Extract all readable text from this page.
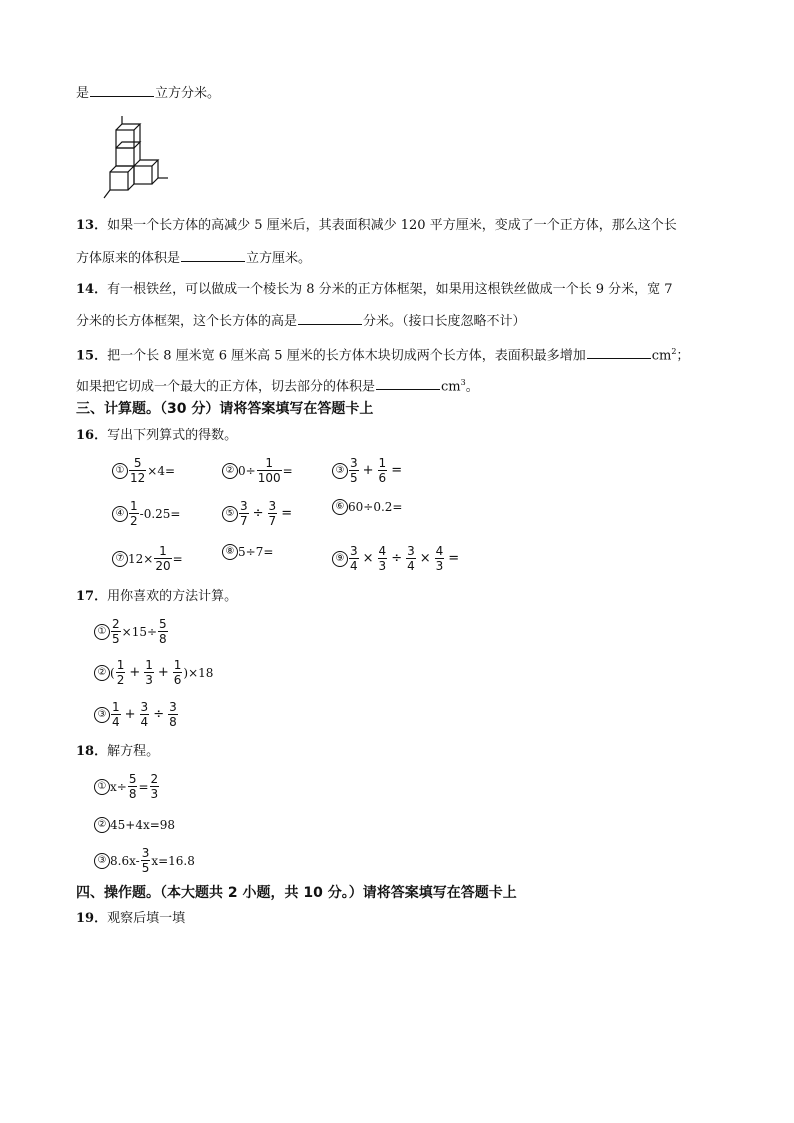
是	立方分米。
13．如果一个长方体的高减少 5 厘米后，其表面积减少 120 平方厘米，变成了一个正方体，那么这个长
方体原来的体积是	立方厘米。
14．有一根铁丝，可以做成一个棱长为 8 分米的正方体框架，如果用这根铁丝做成一个长 9 分米，宽 7
分米的长方体框架，这个长方体的高是	分米。（接口长度忽略不计）
15．把一个长 8 厘米宽 6 厘米高 5 厘米的长方体木块切成两个长方体，表面积最多增加	$cm^2$；
如果把它切成一个最大的正方体，切去部分的体积是	$cm^3$。
三、计算题。（30 分）请将答案填写在答题卡上
16．写出下列算式的得数。
① $\frac{5}{12} \times 4=$	② $0\div \frac{1}{100}$ =	③ $\frac{3}{5} + \frac{1}{6}$ =
④ $\frac{1}{2} -0.25=$	⑤ $\frac{3}{7} \div \frac{3}{7}$ =	⑥ 60÷0.2=
⑦ $12\times \frac{1}{20}$ =	⑧ 5÷7=	⑨ $\frac{3}{4} \times \frac{4}{3} \div \frac{3}{4} \times \frac{4}{3}$ =
17．用你喜欢的方法计算。
① $\frac{2}{5} \times 15\div \frac{5}{8}$
② ( $\frac{1}{2} + \frac{1}{3} + \frac{1}{6} )\times 18$
③ $\frac{1}{4} + \frac{3}{4} \div \frac{3}{8}$
18．解方程。
① $x\div \frac{5}{8} = \frac{2}{3}$
② 45+4x=98
③ $8.6x- \frac{3}{5} x=16.8$
四、操作题。（本大题共 2 小题，共 10 分。）请将答案填写在答题卡上
19．观察后填一填
